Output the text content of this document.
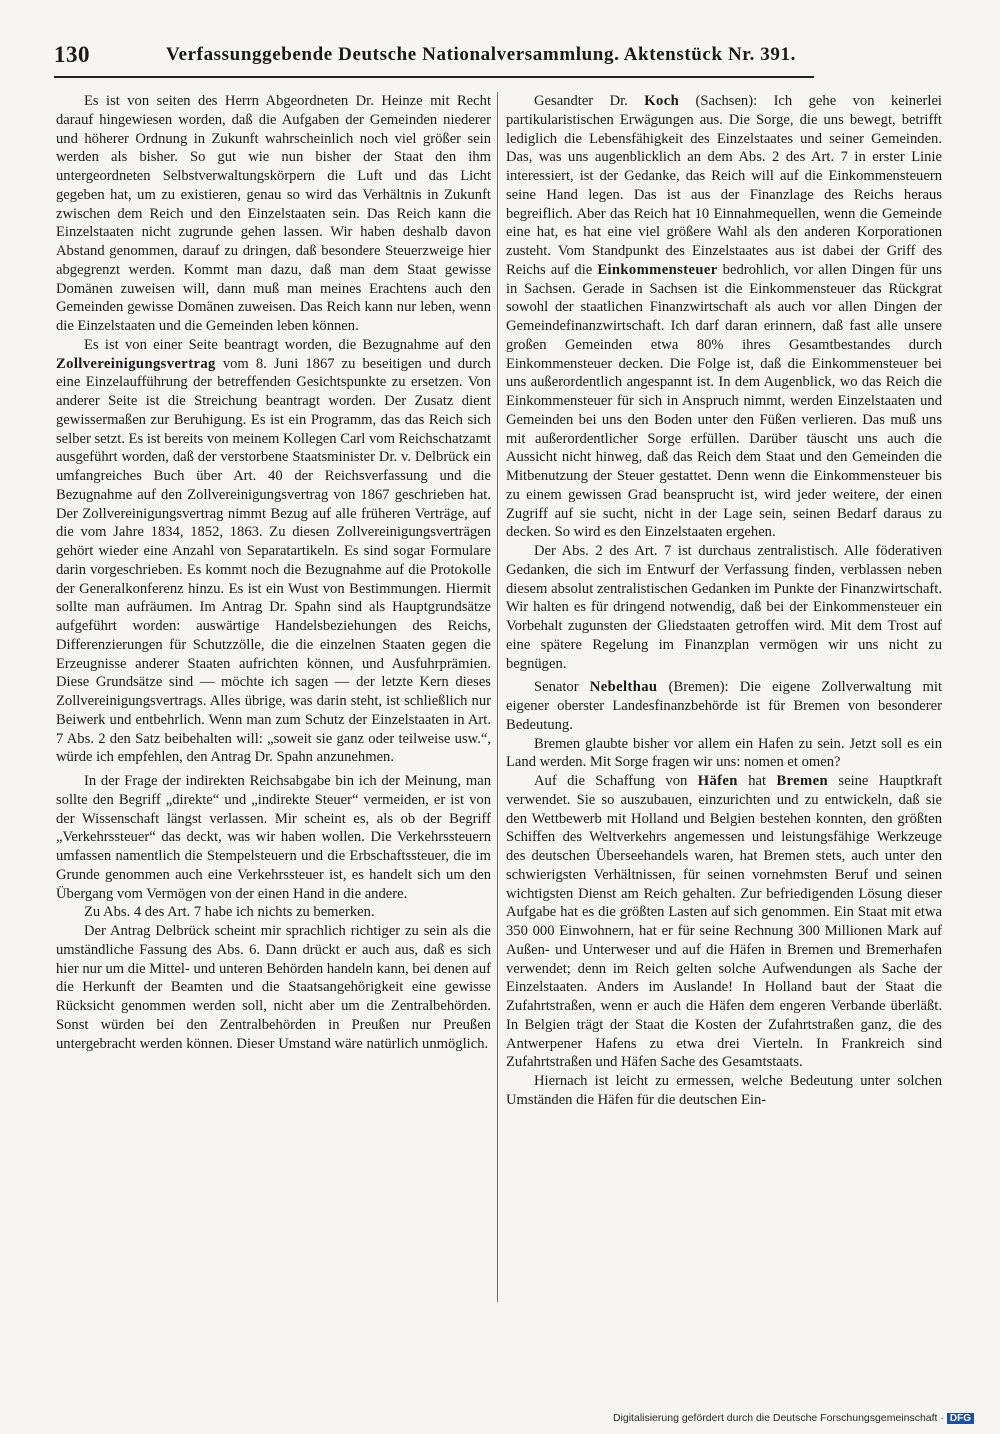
130	Verfassunggebende Deutsche Nationalversammlung. Aktenstück Nr. 391.

Es ist von seiten des Herrn Abgeordneten Dr. Heinze mit Recht darauf hingewiesen worden, daß die Aufgaben der Gemeinden niederer und höherer Ordnung in Zukunft wahrscheinlich noch viel größer sein werden als bisher. So gut wie nun bisher der Staat den ihm untergeordneten Selbstverwaltungskörpern die Luft und das Licht gegeben hat, um zu existieren, genau so wird das Verhältnis in Zukunft zwischen dem Reich und den Einzelstaaten sein. Das Reich kann die Einzelstaaten nicht zugrunde gehen lassen. Wir haben deshalb davon Abstand genommen, darauf zu dringen, daß besondere Steuerzweige hier abgegrenzt werden. Kommt man dazu, daß man dem Staat gewisse Domänen zuweisen will, dann muß man meines Erachtens auch den Gemeinden gewisse Domänen zuweisen. Das Reich kann nur leben, wenn die Einzelstaaten und die Gemeinden leben können.

Es ist von einer Seite beantragt worden, die Bezugnahme auf den Zollvereinigungsvertrag vom 8. Juni 1867 zu beseitigen und durch eine Einzelaufführung der betreffenden Gesichtspunkte zu ersetzen. Von anderer Seite ist die Streichung beantragt worden. Der Zusatz dient gewissermaßen zur Beruhigung. Es ist ein Programm, das das Reich sich selber setzt. Es ist bereits von meinem Kollegen Carl vom Reichschatzamt ausgeführt worden, daß der verstorbene Staatsminister Dr. v. Delbrück ein umfangreiches Buch über Art. 40 der Reichsverfassung und die Bezugnahme auf den Zollvereinigungsvertrag von 1867 geschrieben hat. Der Zollvereinigungsvertrag nimmt Bezug auf alle früheren Verträge, auf die vom Jahre 1834, 1852, 1863. Zu diesen Zollvereinigungsverträgen gehört wieder eine Anzahl von Separatartikeln. Es sind sogar Formulare darin vorgeschrieben. Es kommt noch die Bezugnahme auf die Protokolle der Generalkonferenz hinzu. Es ist ein Wust von Bestimmungen. Hiermit sollte man aufräumen. Im Antrag Dr. Spahn sind als Hauptgrundsätze aufgeführt worden: auswärtige Handelsbeziehungen des Reichs, Differenzierungen für Schutzzölle, die die einzelnen Staaten gegen die Erzeugnisse anderer Staaten aufrichten können, und Ausfuhrprämien. Diese Grundsätze sind — möchte ich sagen — der letzte Kern dieses Zollvereinigungsvertrags. Alles übrige, was darin steht, ist schließlich nur Beiwerk und entbehrlich. Wenn man zum Schutz der Einzelstaaten in Art. 7 Abs. 2 den Satz beibehalten will: „soweit sie ganz oder teilweise usw.“, würde ich empfehlen, den Antrag Dr. Spahn anzunehmen.

In der Frage der indirekten Reichsabgabe bin ich der Meinung, man sollte den Begriff „direkte“ und „indirekte Steuer“ vermeiden, er ist von der Wissenschaft längst verlassen. Mir scheint es, als ob der Begriff „Verkehrssteuer“ das deckt, was wir haben wollen. Die Verkehrssteuern umfassen namentlich die Stempelsteuern und die Erbschaftssteuer, die im Grunde genommen auch eine Verkehrssteuer ist, es handelt sich um den Übergang vom Vermögen von der einen Hand in die andere.

Zu Abs. 4 des Art. 7 habe ich nichts zu bemerken.

Der Antrag Delbrück scheint mir sprachlich richtiger zu sein als die umständliche Fassung des Abs. 6. Dann drückt er auch aus, daß es sich hier nur um die Mittel- und unteren Behörden handeln kann, bei denen auf die Herkunft der Beamten und die Staatsangehörigkeit eine gewisse Rücksicht genommen werden soll, nicht aber um die Zentralbehörden. Sonst würden bei den Zentralbehörden in Preußen nur Preußen untergebracht werden können. Dieser Umstand wäre natürlich unmöglich.

Gesandter Dr. Koch (Sachsen): Ich gehe von keinerlei partikularistischen Erwägungen aus. Die Sorge, die uns bewegt, betrifft lediglich die Lebensfähigkeit des Einzelstaates und seiner Gemeinden. Das, was uns augenblicklich an dem Abs. 2 des Art. 7 in erster Linie interessiert, ist der Gedanke, das Reich will auf die Einkommensteuern seine Hand legen. Das ist aus der Finanzlage des Reichs heraus begreiflich. Aber das Reich hat 10 Einnahmequellen, wenn die Gemeinde eine hat, es hat eine viel größere Wahl als den anderen Korporationen zusteht. Vom Standpunkt des Einzelstaates aus ist dabei der Griff des Reichs auf die Einkommensteuer bedrohlich, vor allen Dingen für uns in Sachsen. Gerade in Sachsen ist die Einkommensteuer das Rückgrat sowohl der staatlichen Finanzwirtschaft als auch vor allen Dingen der Gemeindefinanzwirtschaft. Ich darf daran erinnern, daß fast alle unsere großen Gemeinden etwa 80% ihres Gesamtbestandes durch Einkommensteuer decken. Die Folge ist, daß die Einkommensteuer bei uns außerordentlich angespannt ist. In dem Augenblick, wo das Reich die Einkommensteuer für sich in Anspruch nimmt, werden Einzelstaaten und Gemeinden bei uns den Boden unter den Füßen verlieren. Das muß uns mit außerordentlicher Sorge erfüllen. Darüber täuscht uns auch die Aussicht nicht hinweg, daß das Reich dem Staat und den Gemeinden die Mitbenutzung der Steuer gestattet. Denn wenn die Einkommensteuer bis zu einem gewissen Grad beansprucht ist, wird jeder weitere, der einen Zugriff auf sie sucht, nicht in der Lage sein, seinen Bedarf daraus zu decken. So wird es den Einzelstaaten ergehen.

Der Abs. 2 des Art. 7 ist durchaus zentralistisch. Alle föderativen Gedanken, die sich im Entwurf der Verfassung finden, verblassen neben diesem absolut zentralistischen Gedanken im Punkte der Finanzwirtschaft. Wir halten es für dringend notwendig, daß bei der Einkommensteuer ein Vorbehalt zugunsten der Gliedstaaten getroffen wird. Mit dem Trost auf eine spätere Regelung im Finanzplan vermögen wir uns nicht zu begnügen.

Senator Nebelthau (Bremen): Die eigene Zollverwaltung mit eigener oberster Landesfinanzbehörde ist für Bremen von besonderer Bedeutung.

Bremen glaubte bisher vor allem ein Hafen zu sein. Jetzt soll es ein Land werden. Mit Sorge fragen wir uns: nomen et omen?

Auf die Schaffung von Häfen hat Bremen seine Hauptkraft verwendet. Sie so auszubauen, einzurichten und zu entwickeln, daß sie den Wettbewerb mit Holland und Belgien bestehen konnten, den größten Schiffen des Weltverkehrs angemessen und leistungsfähige Werkzeuge des deutschen Überseehandels waren, hat Bremen stets, auch unter den schwierigsten Verhältnissen, für seinen vornehmsten Beruf und seinen wichtigsten Dienst am Reich gehalten. Zur befriedigenden Lösung dieser Aufgabe hat es die größten Lasten auf sich genommen. Ein Staat mit etwa 350 000 Einwohnern, hat er für seine Rechnung 300 Millionen Mark auf Außen- und Unterweser und auf die Häfen in Bremen und Bremerhafen verwendet; denn im Reich gelten solche Aufwendungen als Sache der Einzelstaaten. Anders im Auslande! In Holland baut der Staat die Zufahrtstraßen, wenn er auch die Häfen dem engeren Verbande überläßt. In Belgien trägt der Staat die Kosten der Zufahrtstraßen ganz, die des Antwerpener Hafens zu etwa drei Vierteln. In Frankreich sind Zufahrtstraßen und Häfen Sache des Gesamtstaats.

Hiernach ist leicht zu ermessen, welche Bedeutung unter solchen Umständen die Häfen für die deutschen Ein-

Digitalisierung gefördert durch die Deutsche Forschungsgemeinschaft · DFG
